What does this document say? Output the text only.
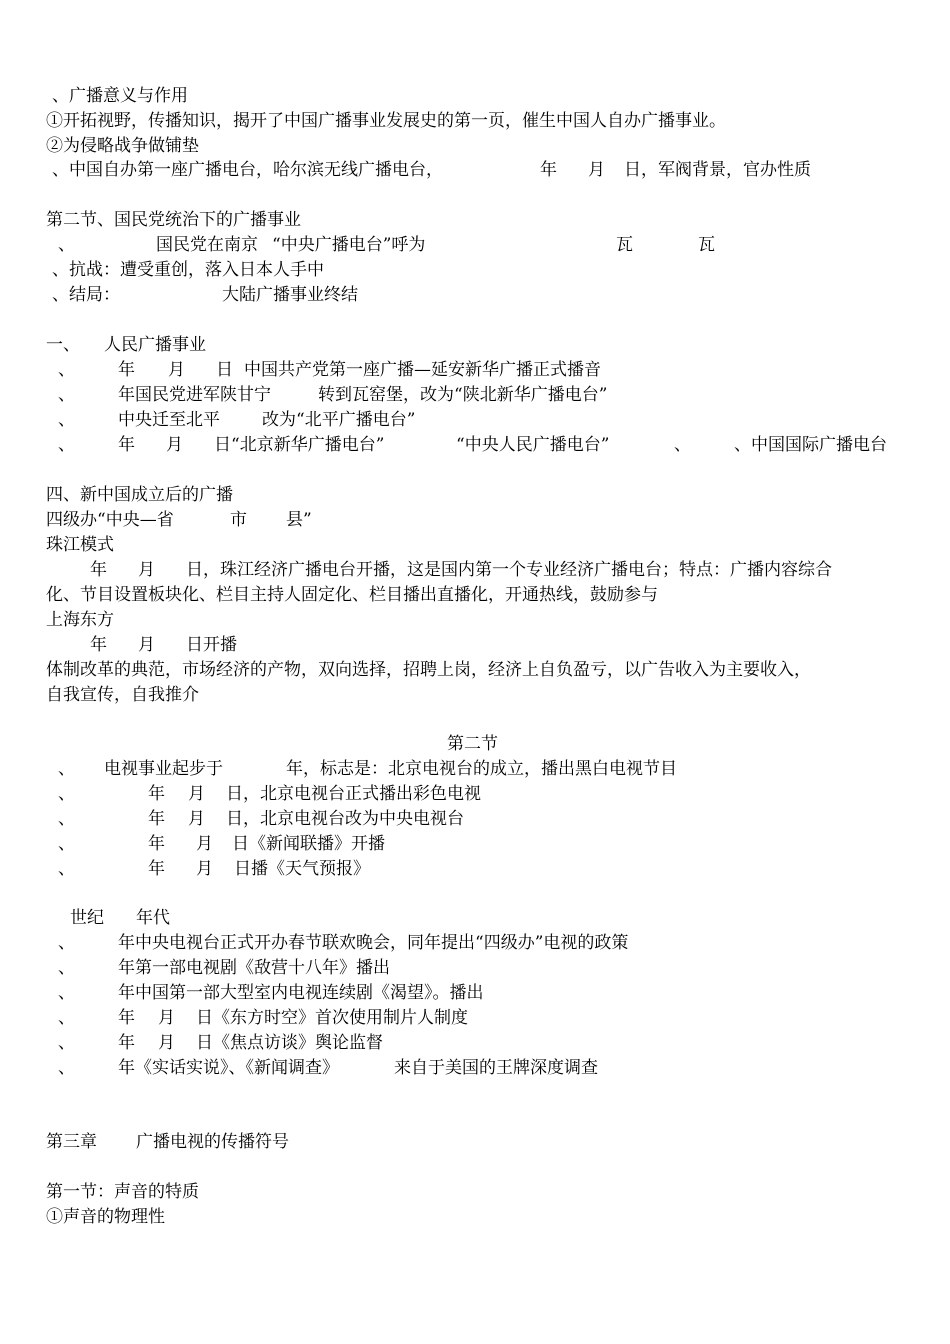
、广播意义与作用
①开拓视野，传播知识，揭开了中国广播事业发展史的第一页，催生中国人自办广播事业。
②为侵略战争做铺垫
、中国自办第一座广播电台，哈尔滨无线广播电台，	年 月 日，军阀背景，官办性质
第二节、国民党统治下的广播事业
、	国民党在南京 “中央广播电台”呼为	瓦	瓦
、抗战：遭受重创，落入日本人手中
、结局：	大陆广播事业终结
一、 人民广播事业
、	年 月 日 中国共产党第一座广播—延安新华广播正式播音
、	年国民党进军陕甘宁	转到瓦窑堡，改为“陕北新华广播电台”
、	中央迁至北平 改为“北平广播电台”
、	年 月 日“北京新华广播电台”	“中央人民广播电台”	、	、中国国际广播电台
四、新中国成立后的广播
四级办“中央—省	市 县”
珠江模式
年 月 日，珠江经济广播电台开播，这是国内第一个专业经济广播电台；特点：广播内容综合
化、节目设置板块化、栏目主持人固定化、栏目播出直播化，开通热线，鼓励参与
上海东方
年 月 日开播
体制改革的典范，市场经济的产物，双向选择，招聘上岗，经济上自负盈亏，以广告收入为主要收入，
自我宣传，自我推介
第二节
、 电视事业起步于	年，标志是：北京电视台的成立，播出黑白电视节目
、	年 月 日，北京电视台正式播出彩色电视
、	年 月 日，北京电视台改为中央电视台
、	年 月 日《新闻联播》开播
、	年 月 日播《天气预报》
世纪 年代
、	年中央电视台正式开办春节联欢晚会，同年提出“四级办”电视的政策
、	年第一部电视剧《敌营十八年》播出
、	年中国第一部大型室内电视连续剧《渴望》。播出
、	年 月 日《东方时空》首次使用制片人制度
、	年 月 日《焦点访谈》舆论监督
、	年《实话实说》、《新闻调查》	来自于美国的王牌深度调查
第三章 广播电视的传播符号
第一节：声音的特质
①声音的物理性
